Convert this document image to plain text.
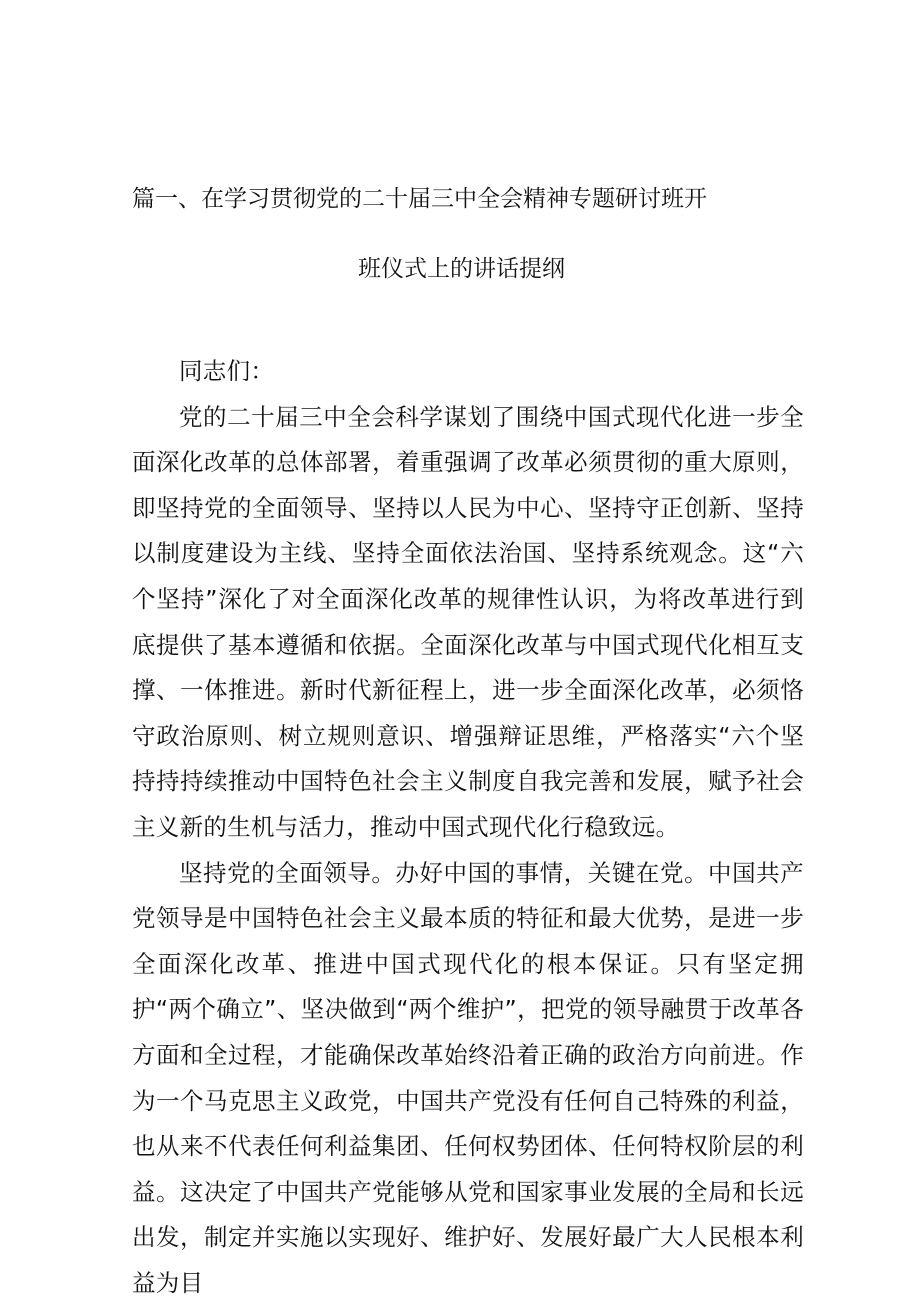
篇一、在学习贯彻党的二十届三中全会精神专题研讨班开
班仪式上的讲话提纲

同志们：

党的二十届三中全会科学谋划了围绕中国式现代化进一步全面深化改革的总体部署，着重强调了改革必须贯彻的重大原则，即坚持党的全面领导、坚持以人民为中心、坚持守正创新、坚持以制度建设为主线、坚持全面依法治国、坚持系统观念。这“六个坚持”深化了对全面深化改革的规律性认识，为将改革进行到底提供了基本遵循和依据。全面深化改革与中国式现代化相互支撑、一体推进。新时代新征程上，进一步全面深化改革，必须恪守政治原则、树立规则意识、增强辩证思维，严格落实“六个坚持持持续推动中国特色社会主义制度自我完善和发展，赋予社会主义新的生机与活力，推动中国式现代化行稳致远。

坚持党的全面领导。办好中国的事情，关键在党。中国共产党领导是中国特色社会主义最本质的特征和最大优势，是进一步全面深化改革、推进中国式现代化的根本保证。只有坚定拥护“两个确立”、坚决做到“两个维护”，把党的领导融贯于改革各方面和全过程，才能确保改革始终沿着正确的政治方向前进。作为一个马克思主义政党，中国共产党没有任何自己特殊的利益，也从来不代表任何利益集团、任何权势团体、任何特权阶层的利益。这决定了中国共产党能够从党和国家事业发展的全局和长远出发，制定并实施以实现好、维护好、发展好最广大人民根本利益为目
